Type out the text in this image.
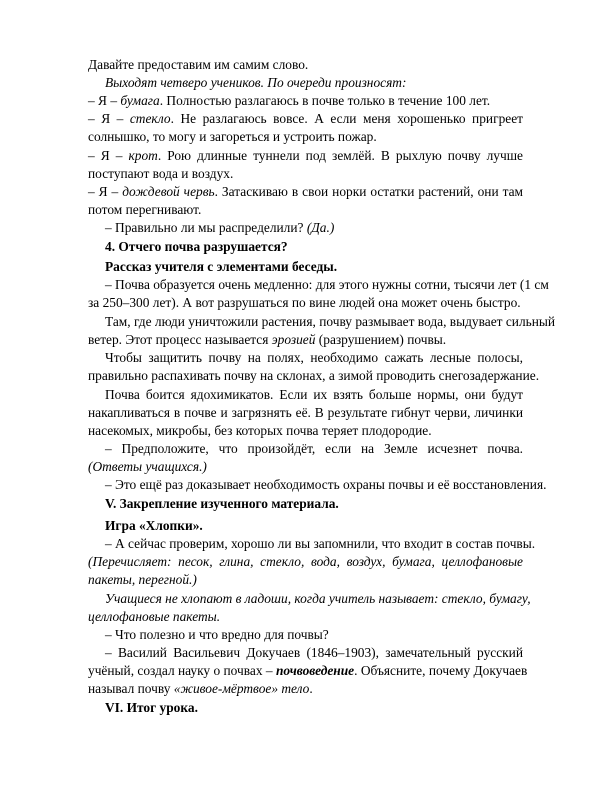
Давайте предоставим им самим слово.
Выходят четверо учеников. По очереди произносят:
– Я – бумага. Полностью разлагаюсь в почве только в течение 100 лет.
– Я – стекло. Не разлагаюсь вовсе. А если меня хорошенько пригреет
солнышко, то могу и загореться и устроить пожар.
– Я – крот. Рою длинные туннели под землёй. В рыхлую почву лучше
поступают вода и воздух.
– Я – дождевой червь. Затаскиваю в свои норки остатки растений, они там
потом перегнивают.
– Правильно ли мы распределили? (Да.)
4. Отчего почва разрушается?
Рассказ учителя с элементами беседы.
– Почва образуется очень медленно: для этого нужны сотни, тысячи лет (1 см
за 250–300 лет). А вот разрушаться по вине людей она может очень быстро.
Там, где люди уничтожили растения, почву размывает вода, выдувает сильный
ветер. Этот процесс называется эрозией (разрушением) почвы.
Чтобы защитить почву на полях, необходимо сажать лесные полосы,
правильно распахивать почву на склонах, а зимой проводить снегозадержание.
Почва боится ядохимикатов. Если их взять больше нормы, они будут
накапливаться в почве и загрязнять её. В результате гибнут черви, личинки
насекомых, микробы, без которых почва теряет плодородие.
– Предположите, что произойдёт, если на Земле исчезнет почва.
(Ответы учащихся.)
– Это ещё раз доказывает необходимость охраны почвы и её восстановления.
V. Закрепление изученного материала.
Игра «Хлопки».
– А сейчас проверим, хорошо ли вы запомнили, что входит в состав почвы.
(Перечисляет: песок, глина, стекло, вода, воздух, бумага, целлофановые
пакеты, перегной.)
Учащиеся не хлопают в ладоши, когда учитель называет: стекло, бумагу,
целлофановые пакеты.
– Что полезно и что вредно для почвы?
– Василий Васильевич Докучаев (1846–1903), замечательный русский
учёный, создал науку о почвах – почвоведение. Объясните, почему Докучаев
называл почву «живое-мёртвое» тело.
VI. Итог урока.
